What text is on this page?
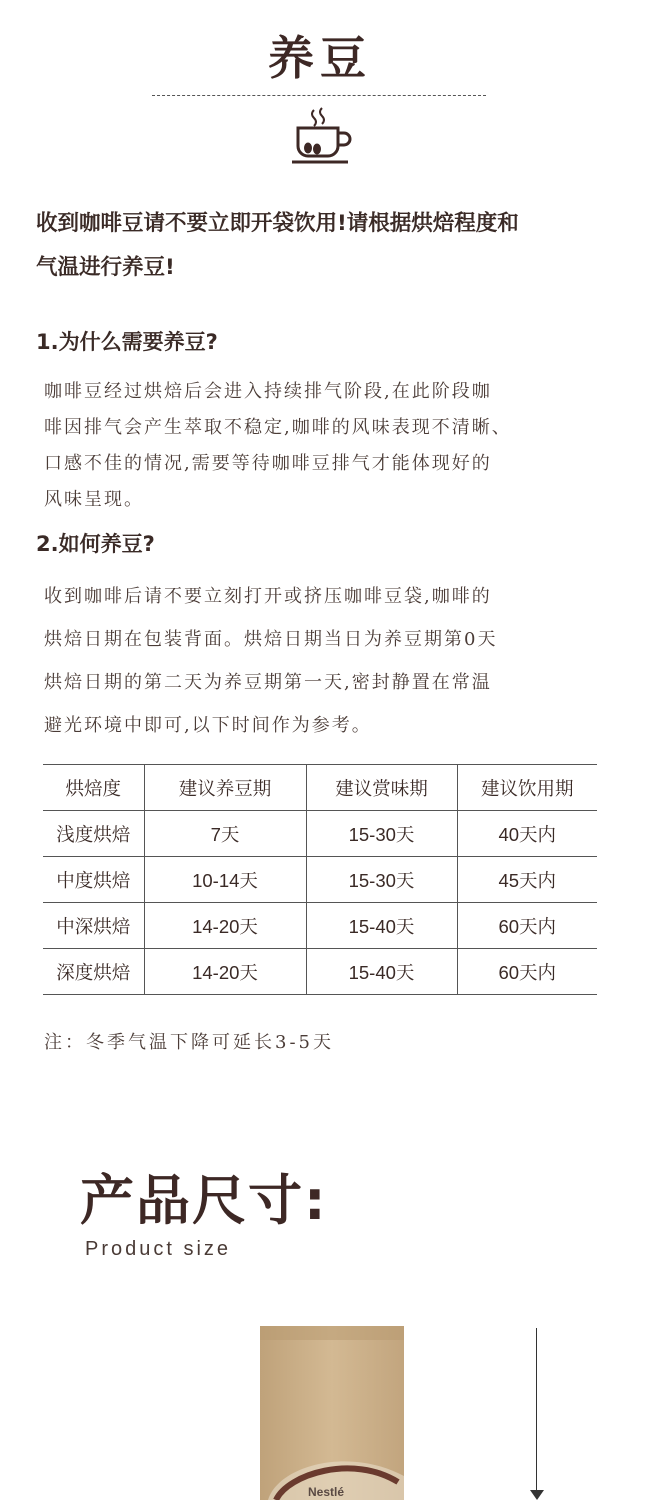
养豆
收到咖啡豆请不要立即开袋饮用!请根据烘焙程度和
气温进行养豆!
1.为什么需要养豆?
咖啡豆经过烘焙后会进入持续排气阶段,在此阶段咖
啡因排气会产生萃取不稳定,咖啡的风味表现不清晰、
口感不佳的情况,需要等待咖啡豆排气才能体现好的
风味呈现。
2.如何养豆?
收到咖啡后请不要立刻打开或挤压咖啡豆袋,咖啡的
烘焙日期在包装背面。烘焙日期当日为养豆期第0天
烘焙日期的第二天为养豆期第一天,密封静置在常温
避光环境中即可,以下时间作为参考。
烘焙度	建议养豆期	建议赏味期	建议饮用期
浅度烘焙	7天	15-30天	40天内
中度烘焙	10-14天	15-30天	45天内
中深烘焙	14-20天	15-40天	60天内
深度烘焙	14-20天	15-40天	60天内
注：冬季气温下降可延长3-5天
产品尺寸:
Product size
Nestlé
